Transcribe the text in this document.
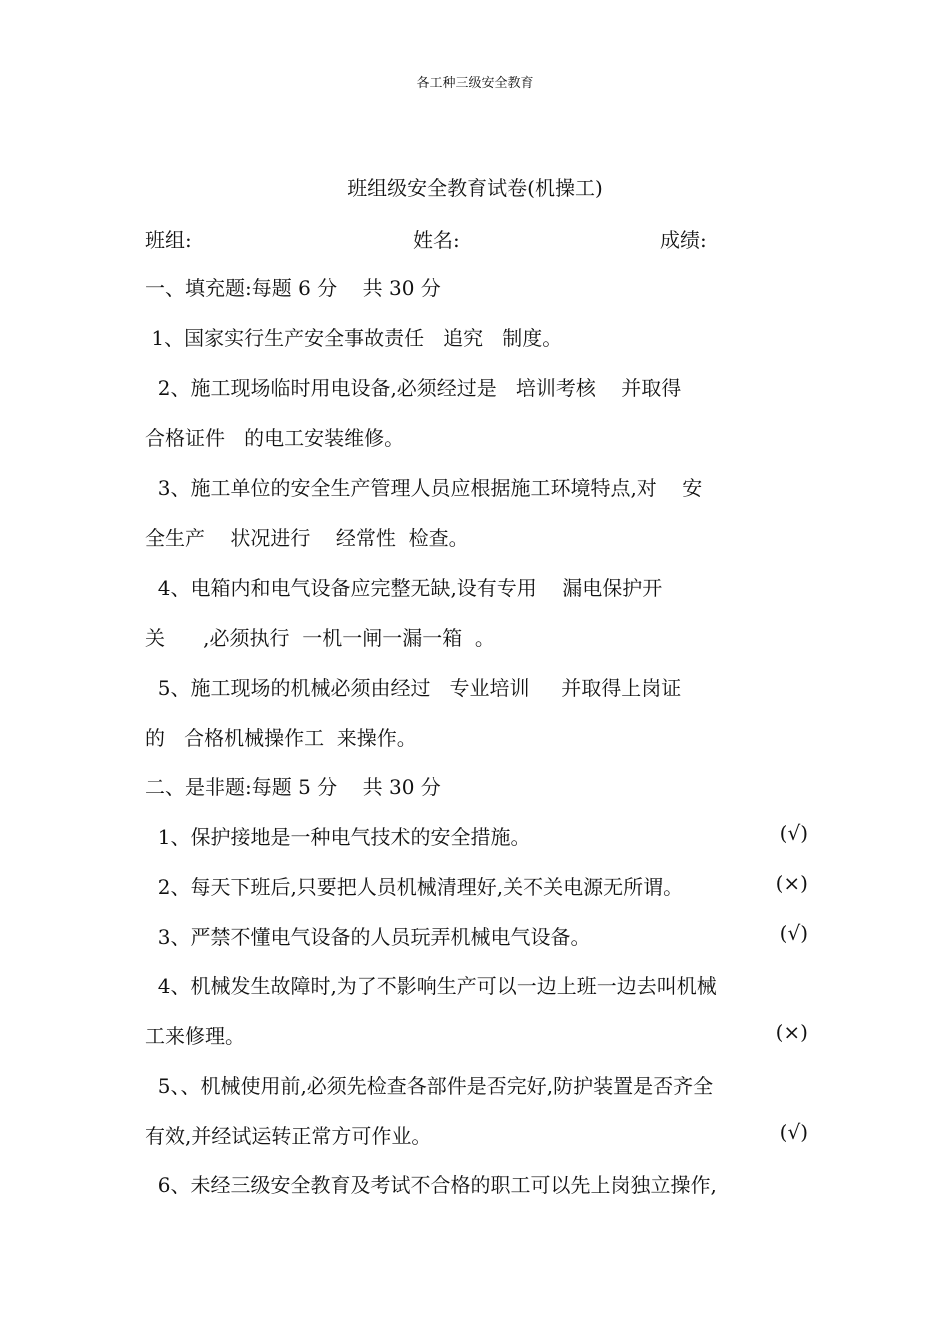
各工种三级安全教育
班组级安全教育试卷(机操工)
班组:	姓名:	成绩:
一、填充题:每题 6 分    共 30 分
1、国家实行生产安全事故责任   追究   制度。
2、施工现场临时用电设备,必须经过是   培训考核    并取得
合格证件   的电工安装维修。
3、施工单位的安全生产管理人员应根据施工环境特点,对    安
全生产    状况进行    经常性  检查。
4、电箱内和电气设备应完整无缺,设有专用    漏电保护开
关      ,必须执行  一机一闸一漏一箱  。
5、施工现场的机械必须由经过   专业培训     并取得上岗证
的   合格机械操作工  来操作。
二、是非题:每题 5 分    共 30 分
1、保护接地是一种电气技术的安全措施。	(√)
2、每天下班后,只要把人员机械清理好,关不关电源无所谓。	(×)
3、严禁不懂电气设备的人员玩弄机械电气设备。	(√)
4、机械发生故障时,为了不影响生产可以一边上班一边去叫机械
工来修理。	(×)
5、、机械使用前,必须先检查各部件是否完好,防护装置是否齐全
有效,并经试运转正常方可作业。	(√)
6、未经三级安全教育及考试不合格的职工可以先上岗独立操作,
